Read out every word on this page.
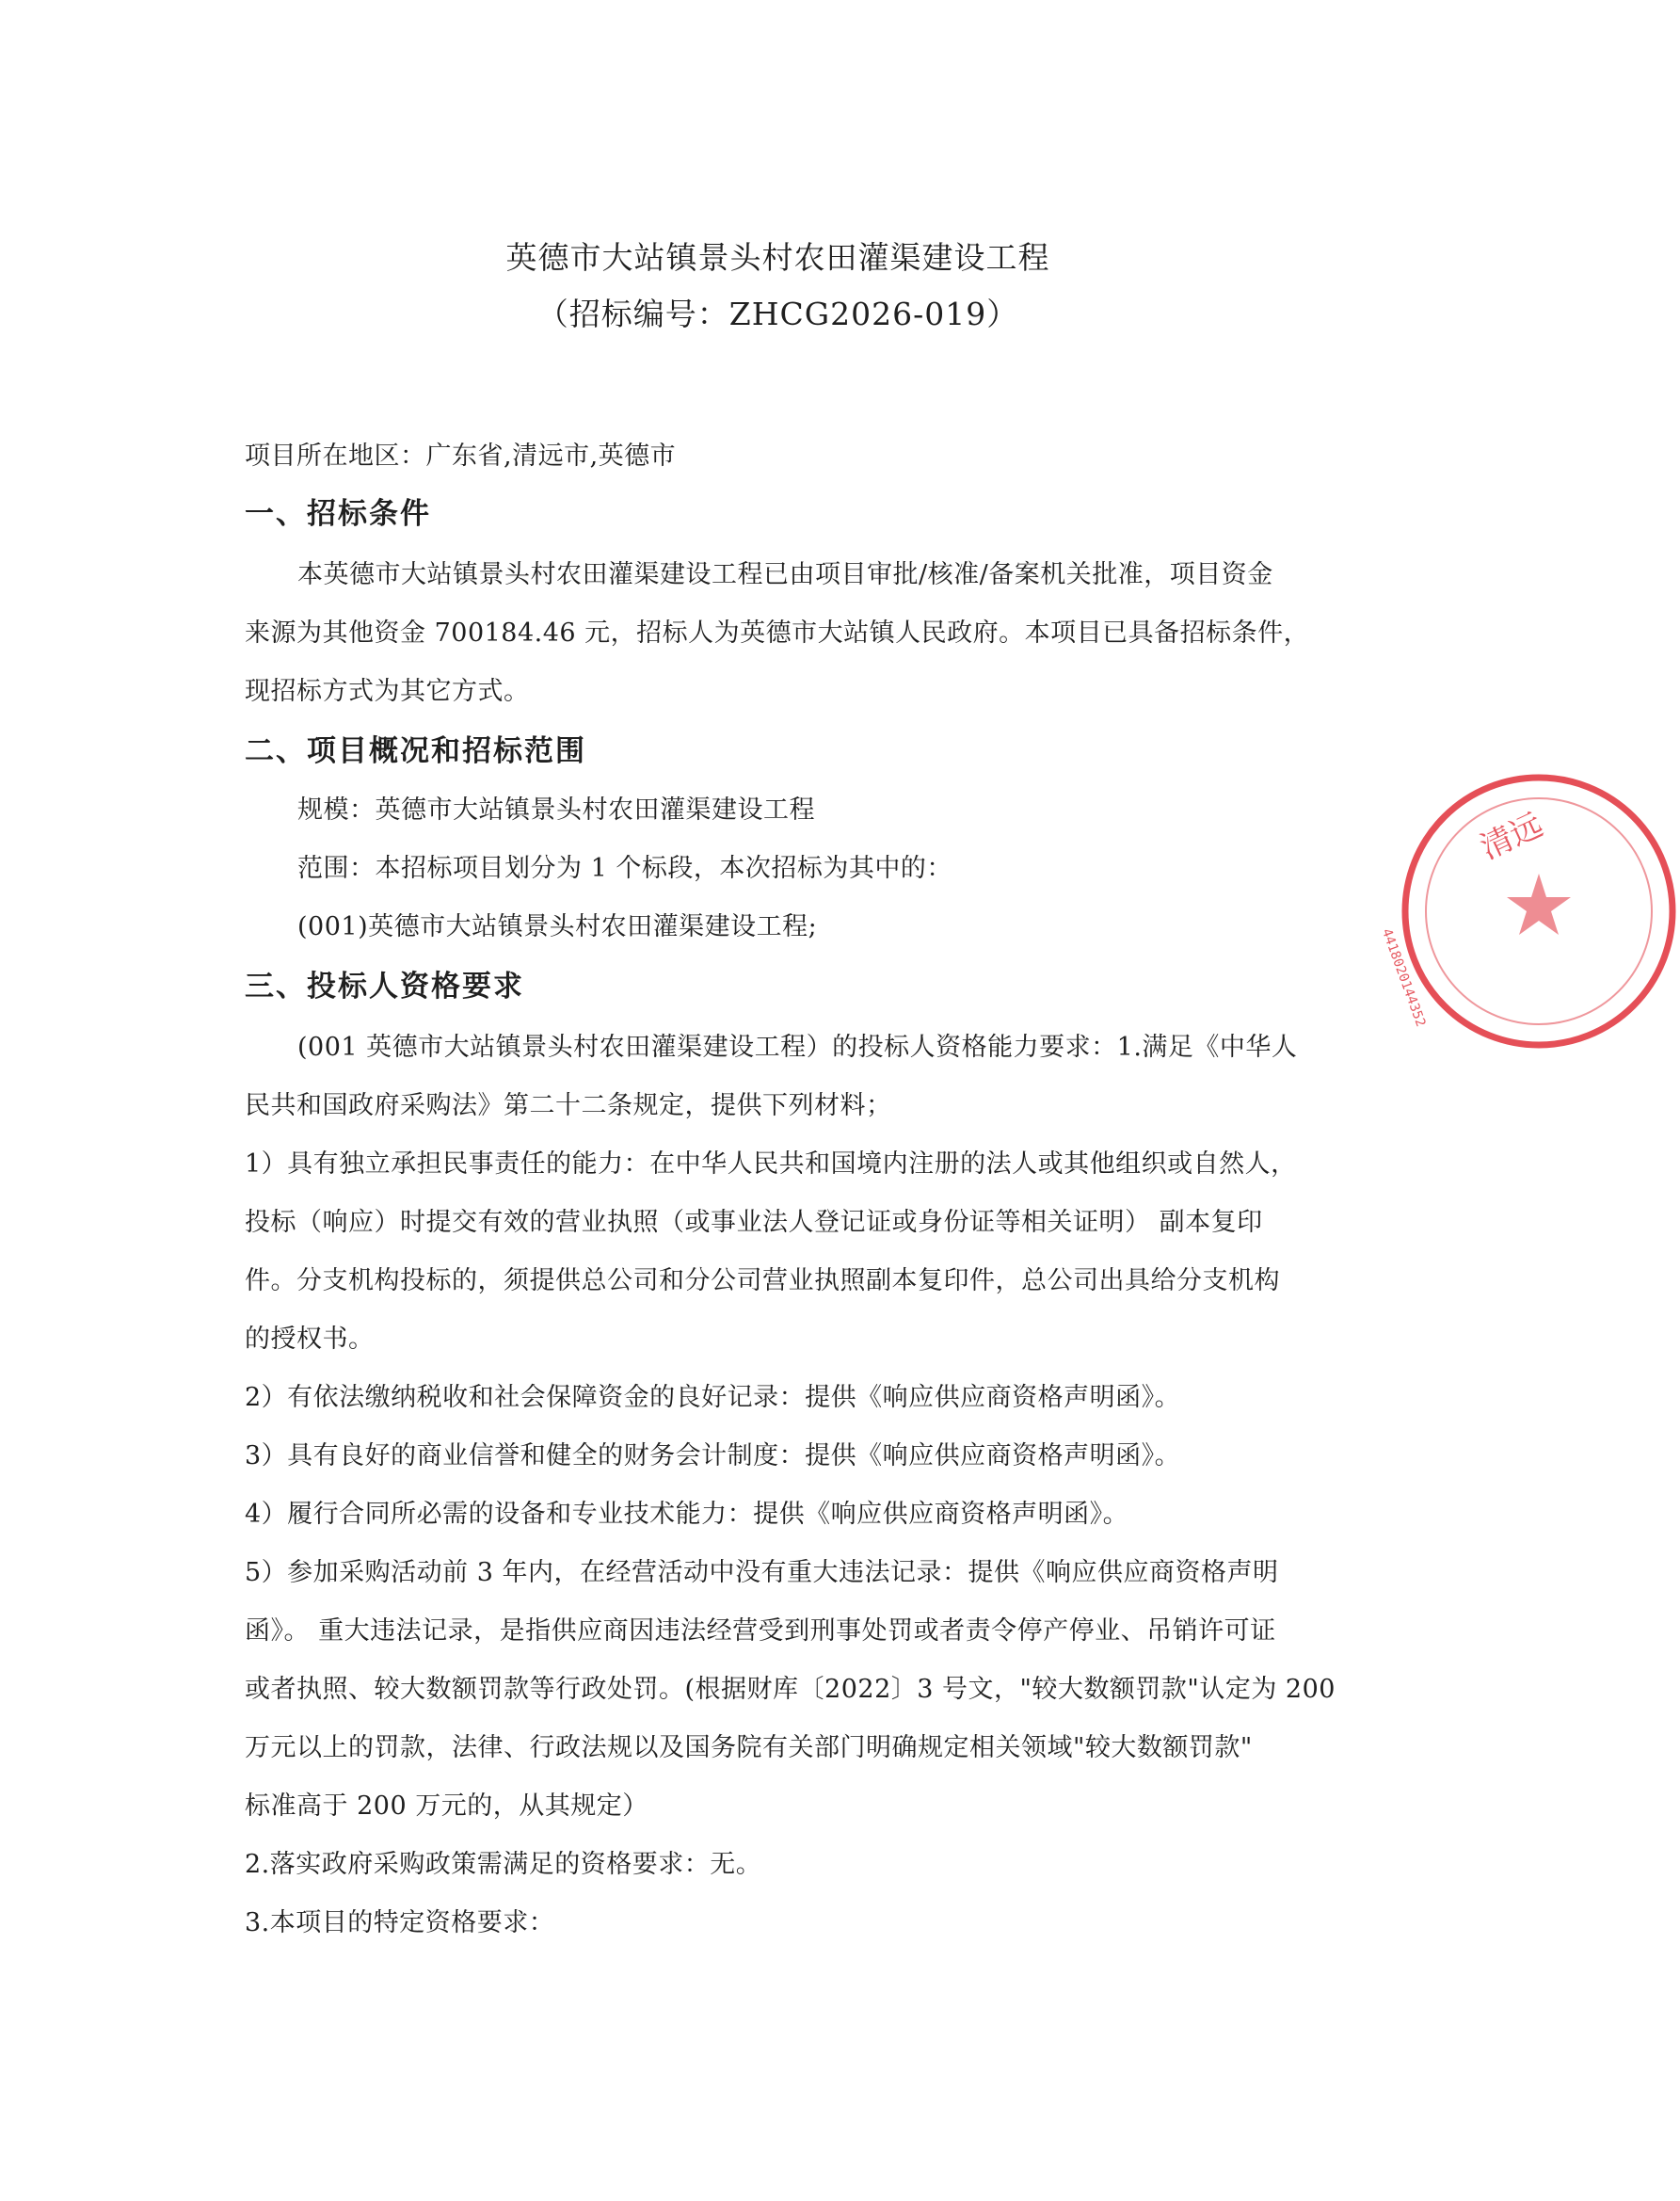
英德市大站镇景头村农田灌渠建设工程
（招标编号：ZHCG2026-019）
项目所在地区：广东省,清远市,英德市
一、招标条件
本英德市大站镇景头村农田灌渠建设工程已由项目审批/核准/备案机关批准，项目资金
来源为其他资金 700184.46 元，招标人为英德市大站镇人民政府。本项目已具备招标条件，
现招标方式为其它方式。
二、项目概况和招标范围
规模：英德市大站镇景头村农田灌渠建设工程
范围：本招标项目划分为 1 个标段，本次招标为其中的：
(001)英德市大站镇景头村农田灌渠建设工程;
三、投标人资格要求
(001 英德市大站镇景头村农田灌渠建设工程）的投标人资格能力要求：1.满足《中华人
民共和国政府采购法》第二十二条规定，提供下列材料；
1）具有独立承担民事责任的能力：在中华人民共和国境内注册的法人或其他组织或自然人，
投标（响应）时提交有效的营业执照（或事业法人登记证或身份证等相关证明） 副本复印
件。分支机构投标的，须提供总公司和分公司营业执照副本复印件，总公司出具给分支机构
的授权书。
2）有依法缴纳税收和社会保障资金的良好记录：提供《响应供应商资格声明函》。
3）具有良好的商业信誉和健全的财务会计制度：提供《响应供应商资格声明函》。
4）履行合同所必需的设备和专业技术能力：提供《响应供应商资格声明函》。
5）参加采购活动前 3 年内，在经营活动中没有重大违法记录：提供《响应供应商资格声明
函》。 重大违法记录，是指供应商因违法经营受到刑事处罚或者责令停产停业、吊销许可证
或者执照、较大数额罚款等行政处罚。(根据财库〔2022〕3 号文，"较大数额罚款"认定为 200
万元以上的罚款，法律、行政法规以及国务院有关部门明确规定相关领域"较大数额罚款"
标准高于 200 万元的，从其规定）
2.落实政府采购政策需满足的资格要求：无。
3.本项目的特定资格要求：
清远
4418020144352
